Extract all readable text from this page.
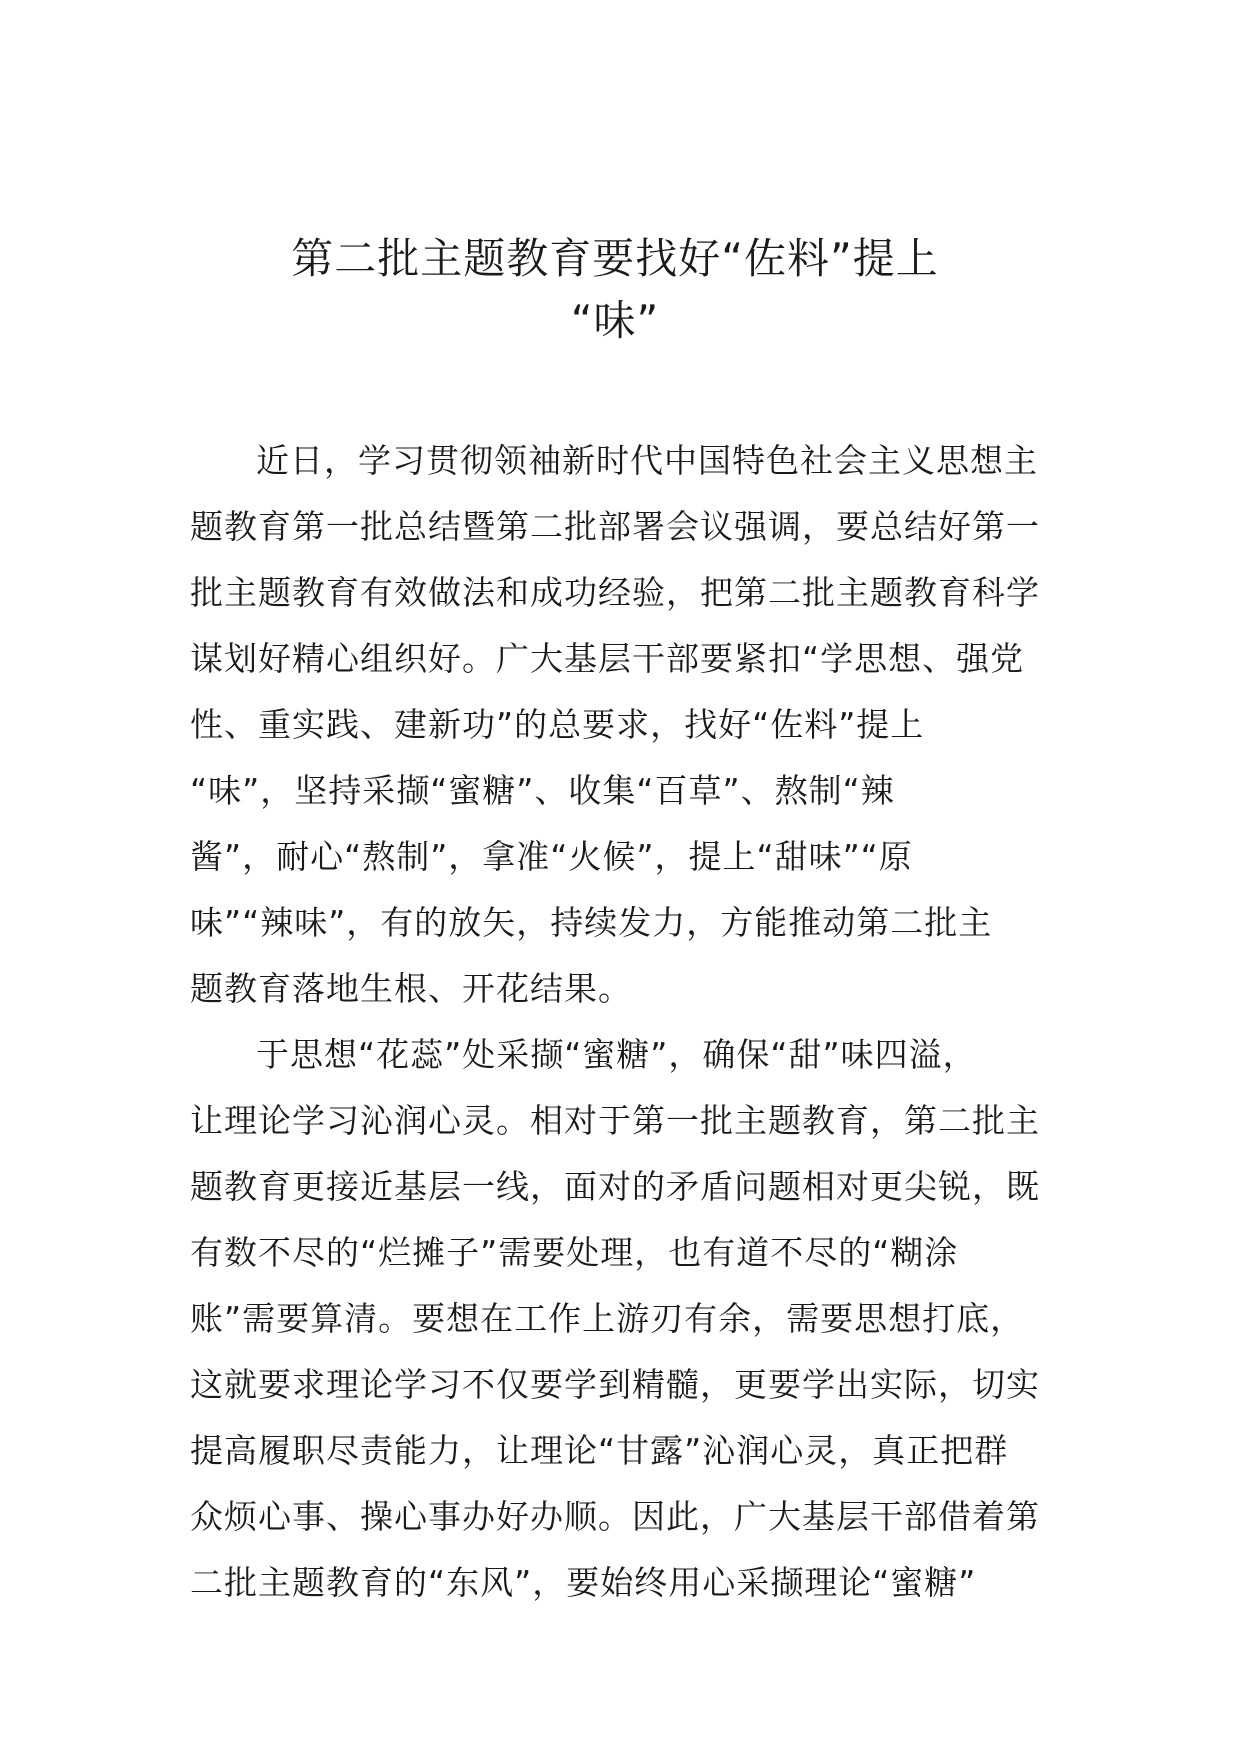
第二批主题教育要找好“佐料”提上
“味”

近日，学习贯彻领袖新时代中国特色社会主义思想主
题教育第一批总结暨第二批部署会议强调，要总结好第一
批主题教育有效做法和成功经验，把第二批主题教育科学
谋划好精心组织好。广大基层干部要紧扣“学思想、强党
性、重实践、建新功”的总要求，找好“佐料”提上
“味”，坚持采撷“蜜糖”、收集“百草”、熬制“辣
酱”，耐心“熬制”，拿准“火候”，提上“甜味”“原
味”“辣味”，有的放矢，持续发力，方能推动第二批主
题教育落地生根、开花结果。

于思想“花蕊”处采撷“蜜糖”，确保“甜”味四溢，
让理论学习沁润心灵。相对于第一批主题教育，第二批主
题教育更接近基层一线，面对的矛盾问题相对更尖锐，既
有数不尽的“烂摊子”需要处理，也有道不尽的“糊涂
账”需要算清。要想在工作上游刃有余，需要思想打底，
这就要求理论学习不仅要学到精髓，更要学出实际，切实
提高履职尽责能力，让理论“甘露”沁润心灵，真正把群
众烦心事、操心事办好办顺。因此，广大基层干部借着第
二批主题教育的“东风”，要始终用心采撷理论“蜜糖”
